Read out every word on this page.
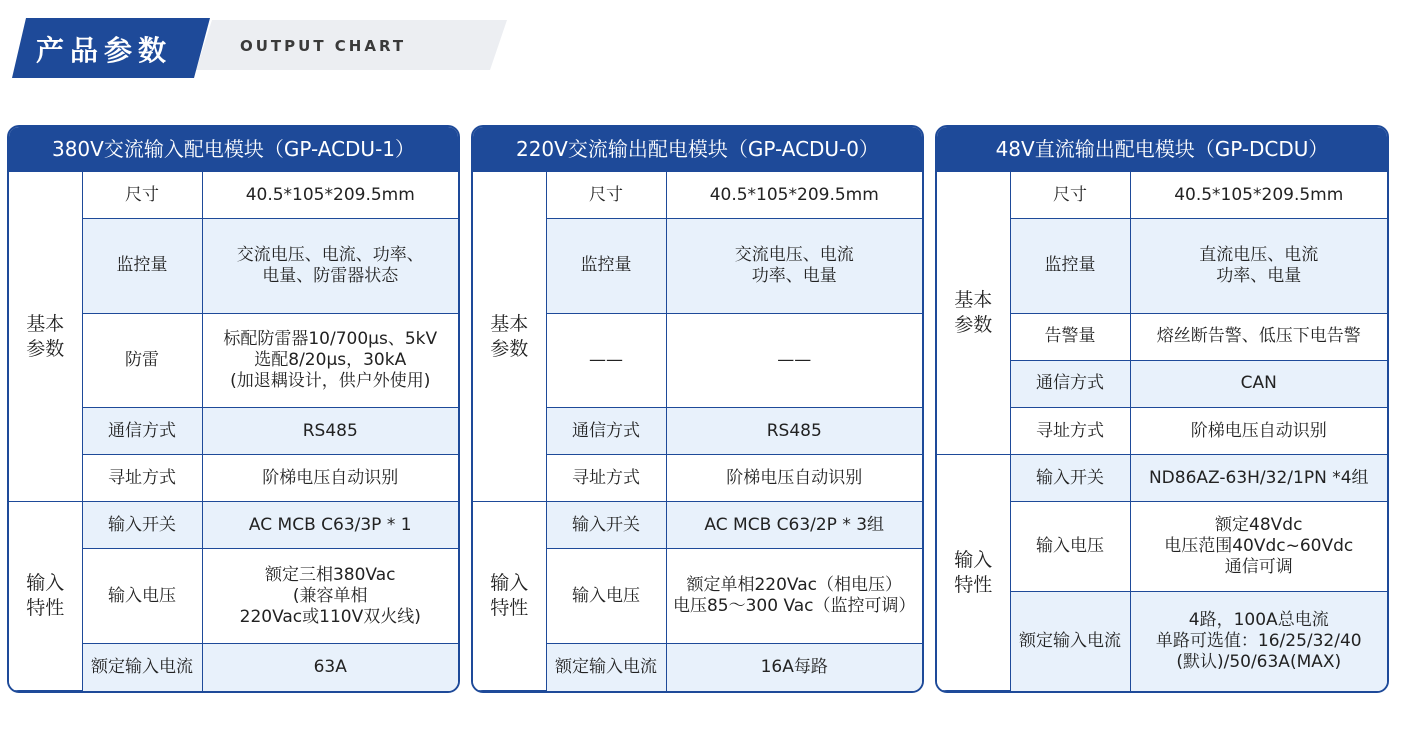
产品参数	OUTPUT CHART
380V交流输入配电模块（GP-ACDU-1）		
基本
参数	尺寸	40.5*105*209.5mm
	监控量	交流电压、电流、功率、
电量、防雷器状态
	防雷	标配防雷器10/700μs、5kV
选配8/20μs，30kA
(加退耦设计，供户外使用)
	通信方式	RS485
	寻址方式	阶梯电压自动识别
输入
特性	输入开关	AC MCB C63/3P * 1
	输入电压	额定三相380Vac
(兼容单相
220Vac或110V双火线)
	额定输入电流	63A
220V交流输出配电模块（GP-ACDU-0）		
基本
参数	尺寸	40.5*105*209.5mm
	监控量	交流电压、电流
功率、电量
	——	——
	通信方式	RS485
	寻址方式	阶梯电压自动识别
输入
特性	输入开关	AC MCB C63/2P * 3组
	输入电压	额定单相220Vac（相电压）
电压85～300 Vac（监控可调）
	额定输入电流	16A每路
48V直流输出配电模块（GP-DCDU）		
基本
参数	尺寸	40.5*105*209.5mm
	监控量	直流电压、电流
功率、电量
	告警量	熔丝断告警、低压下电告警
	通信方式	CAN
	寻址方式	阶梯电压自动识别
输入
特性	输入开关	ND86AZ-63H/32/1PN *4组
	输入电压	额定48Vdc
电压范围40Vdc~60Vdc
通信可调
	额定输入电流	4路，100A总电流
单路可选值：16/25/32/40
(默认)/50/63A(MAX)
